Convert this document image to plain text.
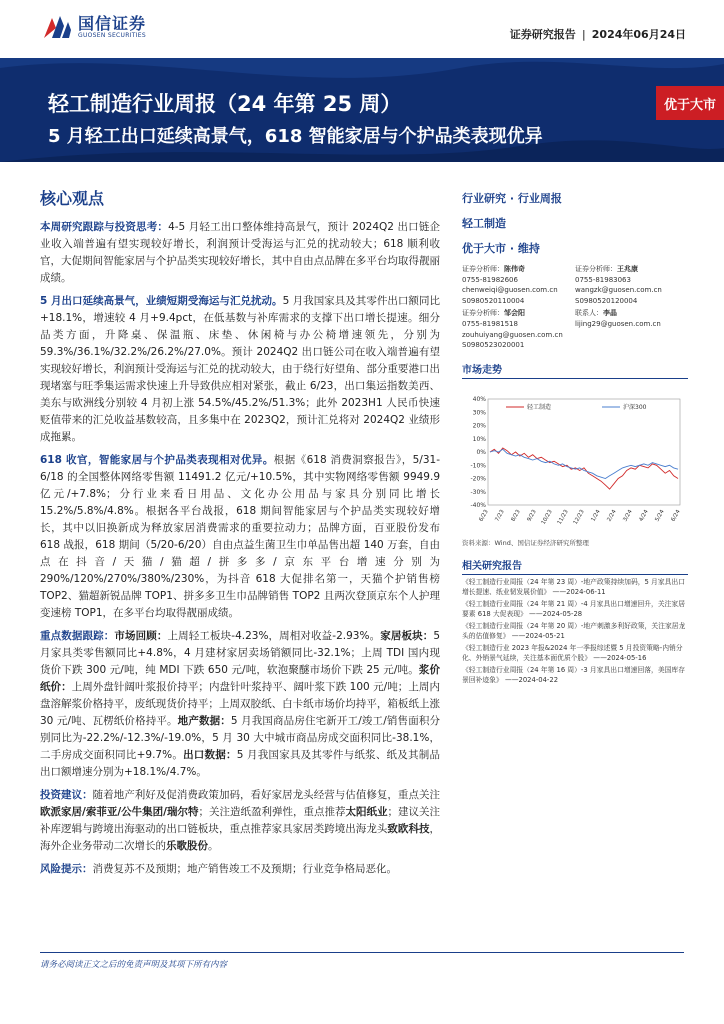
国信证券
GUOSEN SECURITIES	证券研究报告 | 2024年06月24日
轻工制造行业周报（24 年第 25 周）
5 月轻工出口延续高景气，618 智能家居与个护品类表现优异
优于大市
核心观点

本周研究跟踪与投资思考：4-5 月轻工出口整体维持高景气，预计 2024Q2 出口链企业收入端普遍有望实现较好增长，利润预计受海运与汇兑的扰动较大；618 顺利收官，大促期间智能家居与个护品类实现较好增长，其中自由点品牌在多平台均取得靓丽成绩。

5 月出口延续高景气，业绩短期受海运与汇兑扰动。5 月我国家具及其零件出口额同比+18.1%，增速较 4 月+9.4pct，在低基数与补库需求的支撑下出口增长提速。细分品类方面，升降桌、保温瓶、床垫、休闲椅与办公椅增速领先，分别为 59.3%/36.1%/32.2%/26.2%/27.0%。预计 2024Q2 出口链公司在收入端普遍有望实现较好增长，利润预计受海运与汇兑的扰动较大，由于绕行好望角、部分重要港口出现堵塞与旺季集运需求快速上升导致供应相对紧张，截止 6/23，出口集运指数美西、美东与欧洲线分别较 4 月初上涨 54.5%/45.2%/51.3%；此外 2023H1 人民币快速贬值带来的汇兑收益基数较高，且多集中在 2023Q2，预计汇兑将对 2024Q2 业绩形成拖累。

618 收官，智能家居与个护品类表现相对优异。根据《618 消费洞察报告》，5/31-6/18 的全国整体网络零售额 11491.2 亿元/+10.5%，其中实物网络零售额 9949.9 亿元/+7.8%；分行业来看日用品、文化办公用品与家具分别同比增长 15.2%/5.8%/4.8%。根据各平台战报，618 期间智能家居与个护品类实现较好增长，其中以旧换新成为释放家居消费需求的重要拉动力；品牌方面，百亚股份发布 618 战报，618 期间（5/20-6/20）自由点益生菌卫生巾单品售出超 140 万套，自由点在抖音/天猫/猫超/拼多多/京东平台增速分别为 290%/120%/270%/380%/230%，为抖音 618 大促排名第一，天猫个护销售榜 TOP2、猫超新锐品牌 TOP1、拼多多卫生巾品牌销售 TOP2 且两次登顶京东个人护理变速榜 TOP1，在多平台均取得靓丽成绩。

重点数据跟踪：市场回顾：上周轻工板块-4.23%，周相对收益-2.93%。家居板块：5 月家具类零售额同比+4.8%，4 月建材家居卖场销额同比-32.1%；上周 TDI 国内现货价下跌 300 元/吨，纯 MDI 下跌 650 元/吨，软泡聚醚市场价下跌 25 元/吨。浆价纸价：上周外盘针阔叶浆报价持平；内盘针叶浆持平、阔叶浆下跌 100 元/吨；上周内盘溶解浆价格持平，废纸现货价持平；上周双胶纸、白卡纸市场价均持平，箱板纸上涨 30 元/吨、瓦楞纸价格持平。地产数据：5 月我国商品房住宅新开工/竣工/销售面积分别同比为-22.2%/-12.3%/-19.0%，5 月 30 大中城市商品房成交面积同比-38.1%，二手房成交面积同比+9.7%。出口数据：5 月我国家具及其零件与纸浆、纸及其制品出口额增速分别为+18.1%/4.7%。

投资建议：随着地产利好及促消费政策加码，看好家居龙头经营与估值修复，重点关注欧派家居/索菲亚/公牛集团/瑞尔特；关注造纸盈利弹性，重点推荐太阳纸业；建议关注补库逻辑与跨境出海驱动的出口链板块，重点推荐家具家居类跨境出海龙头致欧科技，海外企业务带动二次增长的乐歌股份。

风险提示：消费复苏不及预期；地产销售竣工不及预期；行业竞争格局恶化。

行业研究 · 行业周报
轻工制造
优于大市 · 维持
证券分析师：陈伟奇
0755-81982606
chenweiqi@guosen.com.cn
S0980520110004
证券分析师：王兆康
0755-81983063
wangzk@guosen.com.cn
S0980520120004
证券分析师：邹会阳
0755-81981518
zouhuiyang@guosen.com.cn
S0980523020001
联系人：李晶
lijing29@guosen.com.cn
市场走势
40%
30%
20%
10%
0%
-10%
-20%
-30%
-40%
6/23 7/23 8/23 9/23 10/23 11/23 12/23 1/24 2/24 3/24 4/24 5/24 6/24
轻工制造	沪深300
资料来源：Wind、国信证券经济研究所整理
相关研究报告
《轻工制造行业周报（24 年第 23 周）-地产政策持续加码，5 月家具出口增长提速、纸业韧发展价值》 ——2024-06-11
《轻工制造行业周报（24 年第 21 周）-4 月家具出口增速回升，关注家居要素 618 大促表现》 ——2024-05-28
《轻工制造行业周报（24 年第 20 周）-地产刺激多利好政策，关注家居龙头的估值修复》 ——2024-05-21
《轻工制造行业 2023 年报&2024 年一季报综述暨 5 月投资策略-内销分化、外销景气延续，关注基本面优质个股》 ——2024-05-16
《轻工制造行业周报（24 年第 16 周）-3 月家具出口增速回落，美国库存景回补迹象》 ——2024-04-22
请务必阅读正文之后的免责声明及其项下所有内容
